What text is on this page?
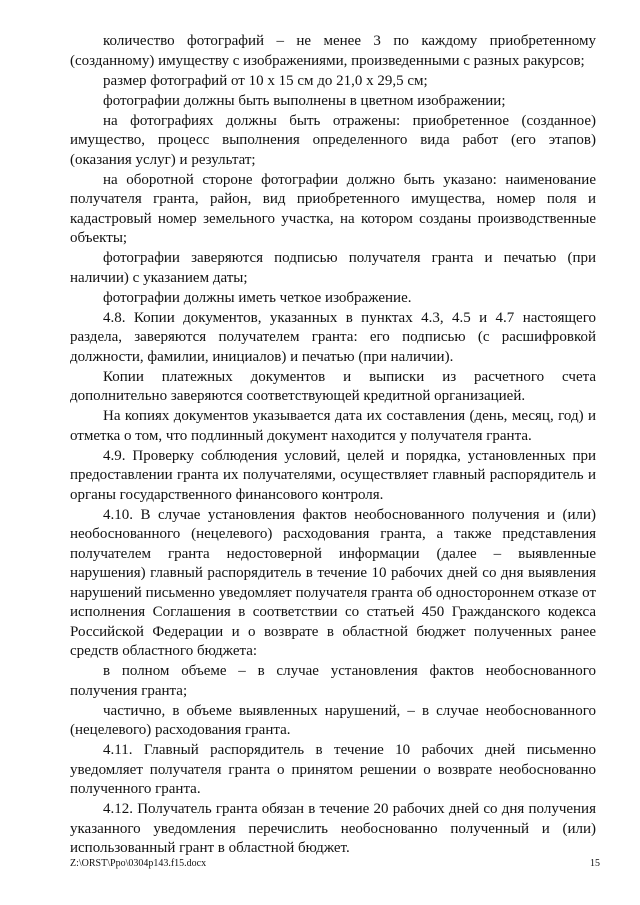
количество фотографий – не менее 3 по каждому приобретенному (созданному) имуществу с изображениями, произведенными с разных ракурсов;

размер фотографий от 10 х 15 см до 21,0 х 29,5 см;

фотографии должны быть выполнены в цветном изображении;

на фотографиях должны быть отражены: приобретенное (созданное) имущество, процесс выполнения определенного вида работ (его этапов) (оказания услуг) и результат;

на оборотной стороне фотографии должно быть указано: наименование получателя гранта, район, вид приобретенного имущества, номер поля и кадастровый номер земельного участка, на котором созданы производственные объекты;

фотографии заверяются подписью получателя гранта и печатью (при наличии) с указанием даты;

фотографии должны иметь четкое изображение.

4.8. Копии документов, указанных в пунктах 4.3, 4.5 и 4.7 настоящего раздела, заверяются получателем гранта: его подписью (с расшифровкой должности, фамилии, инициалов) и печатью (при наличии).

Копии платежных документов и выписки из расчетного счета дополнительно заверяются соответствующей кредитной организацией.

На копиях документов указывается дата их составления (день, месяц, год) и отметка о том, что подлинный документ находится у получателя гранта.

4.9. Проверку соблюдения условий, целей и порядка, установленных при предоставлении гранта их получателями, осуществляет главный распорядитель и органы государственного финансового контроля.

4.10. В случае установления фактов необоснованного получения и (или) необоснованного (нецелевого) расходования гранта, а также представления получателем гранта недостоверной информации (далее – выявленные нарушения) главный распорядитель в течение 10 рабочих дней со дня выявления нарушений письменно уведомляет получателя гранта об одностороннем отказе от исполнения Соглашения в соответствии со статьей 450 Гражданского кодекса Российской Федерации и о возврате в областной бюджет полученных ранее средств областного бюджета:

в полном объеме – в случае установления фактов необоснованного получения гранта;

частично, в объеме выявленных нарушений, – в случае необоснованного (нецелевого) расходования гранта.

4.11. Главный распорядитель в течение 10 рабочих дней письменно уведомляет получателя гранта о принятом решении о возврате необоснованно полученного гранта.

4.12. Получатель гранта обязан в течение 20 рабочих дней со дня получения указанного уведомления перечислить необоснованно полученный и (или) использованный грант в областной бюджет.

Z:\ORST\Ppo\0304p143.f15.docx	15
